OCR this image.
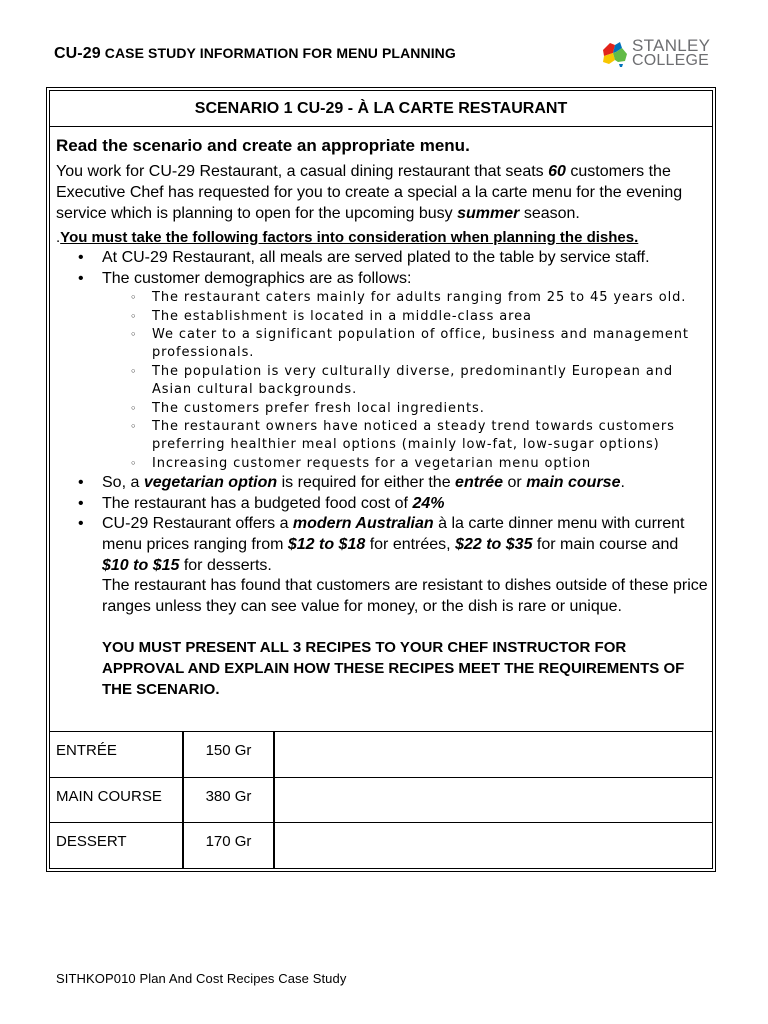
CU-29 CASE STUDY INFORMATION FOR MENU PLANNING	STANLEY
COLLEGE
SCENARIO 1 CU-29 - À LA CARTE RESTAURANT
Read the scenario and create an appropriate menu.
You work for CU-29 Restaurant, a casual dining restaurant that seats 60 customers the Executive Chef has requested for you to create a special a la carte menu for the evening service which is planning to open for the upcoming busy summer season.
.You must take the following factors into consideration when planning the dishes.
• At CU-29 Restaurant, all meals are served plated to the table by service staff.
• The customer demographics are as follows:
◦ The restaurant caters mainly for adults ranging from 25 to 45 years old.
◦ The establishment is located in a middle-class area
◦ We cater to a significant population of office, business and management professionals.
◦ The population is very culturally diverse, predominantly European and Asian cultural backgrounds.
◦ The customers prefer fresh local ingredients.
◦ The restaurant owners have noticed a steady trend towards customers preferring healthier meal options (mainly low-fat, low-sugar options)
◦ Increasing customer requests for a vegetarian menu option
• So, a vegetarian option is required for either the entrée or main course.
• The restaurant has a budgeted food cost of 24%
• CU-29 Restaurant offers a modern Australian à la carte dinner menu with current menu prices ranging from $12 to $18 for entrées, $22 to $35 for main course and $10 to $15 for desserts.
The restaurant has found that customers are resistant to dishes outside of these price ranges unless they can see value for money, or the dish is rare or unique.
YOU MUST PRESENT ALL 3 RECIPES TO YOUR CHEF INSTRUCTOR FOR APPROVAL AND EXPLAIN HOW THESE RECIPES MEET THE REQUIREMENTS OF THE SCENARIO.
ENTRÉE	150 Gr	
MAIN COURSE	380 Gr	
DESSERT	170 Gr	
SITHKOP010 Plan And Cost Recipes Case Study
